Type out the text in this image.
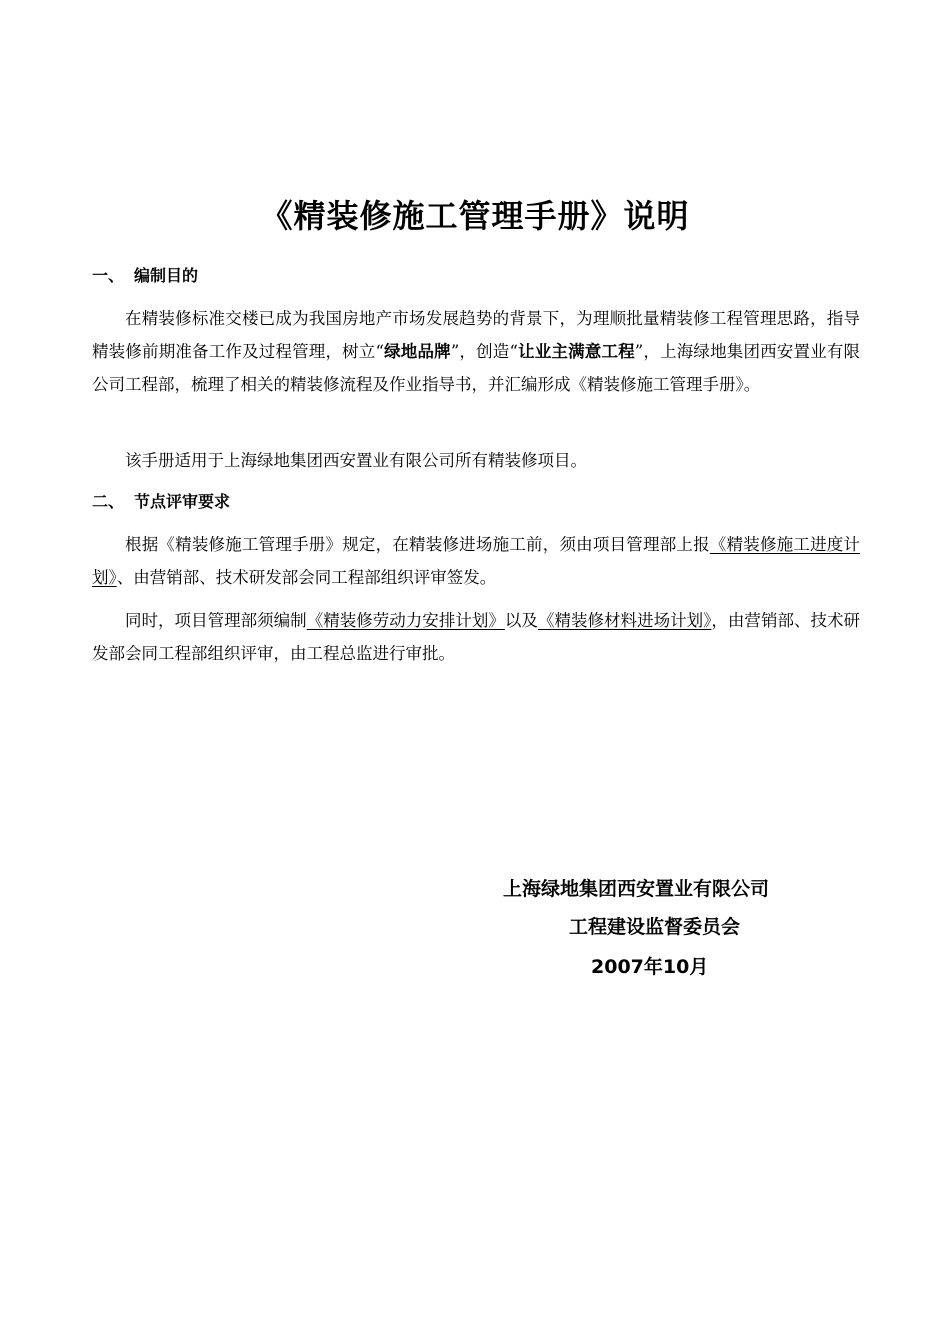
《精装修施工管理手册》说明
一、 编制目的
在精装修标准交楼已成为我国房地产市场发展趋势的背景下，为理顺批量精装修工程管理思路，指导精装修前期准备工作及过程管理，树立“绿地品牌”，创造“让业主满意工程”，上海绿地集团西安置业有限公司工程部，梳理了相关的精装修流程及作业指导书，并汇编形成《精装修施工管理手册》。
该手册适用于上海绿地集团西安置业有限公司所有精装修项目。
二、 节点评审要求
根据《精装修施工管理手册》规定，在精装修进场施工前，须由项目管理部上报《精装修施工进度计划》、由营销部、技术研发部会同工程部组织评审签发。
同时，项目管理部须编制《精装修劳动力安排计划》以及《精装修材料进场计划》，由营销部、技术研发部会同工程部组织评审，由工程总监进行审批。
上海绿地集团西安置业有限公司
工程建设监督委员会
2007年10月
